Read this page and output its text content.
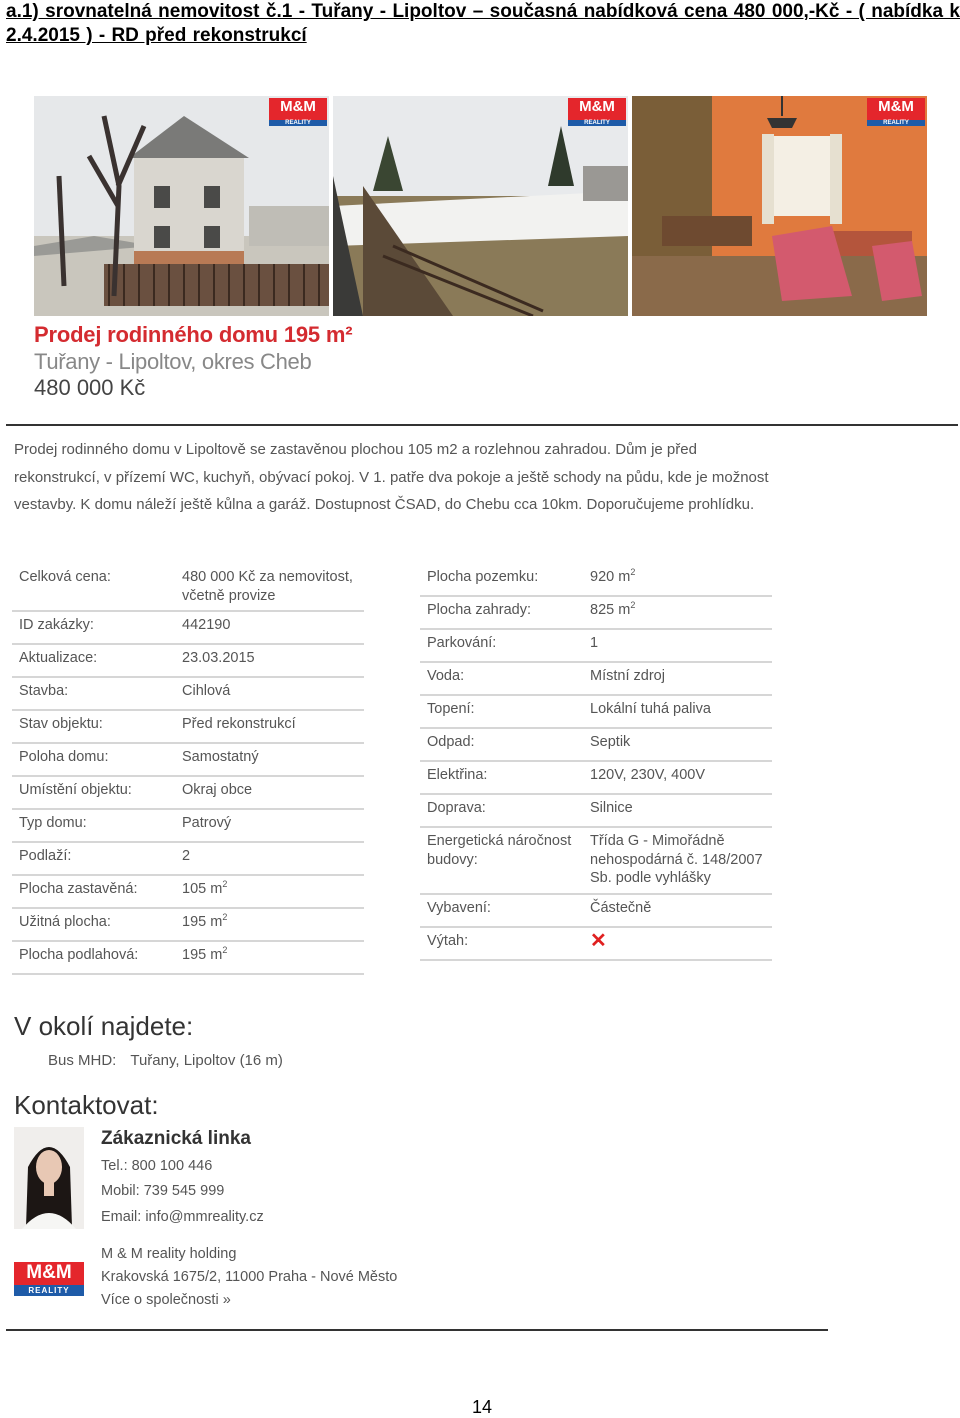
a.1) srovnatelná nemovitost č.1 - Tuřany - Lipoltov – současná nabídková cena 480 000,-Kč - ( nabídka k 2.4.2015 ) - RD před rekonstrukcí
M&M
REALITY
M&M
REALITY
M&M
REALITY
Prodej rodinného domu 195 m²
Tuřany - Lipoltov, okres Cheb
480 000 Kč
Prodej rodinného domu v Lipoltově se zastavěnou plochou 105 m2 a rozlehnou zahradou. Dům je před rekonstrukcí, v přízemí WC, kuchyň, obývací pokoj. V 1. patře dva pokoje a ještě schody na půdu, kde je možnost vestavby. K domu náleží ještě kůlna a garáž. Dostupnost ČSAD, do Chebu cca 10km. Doporučujeme prohlídku.
Celková cena:	480 000 Kč za nemovitost, včetně provize
ID zakázky:	442190
Aktualizace:	23.03.2015
Stavba:	Cihlová
Stav objektu:	Před rekonstrukcí
Poloha domu:	Samostatný
Umístění objektu:	Okraj obce
Typ domu:	Patrový
Podlaží:	2
Plocha zastavěná:	105 $m^2$
Užitná plocha:	195 $m^2$
Plocha podlahová:	195 $m^2$
Plocha pozemku:	920 $m^2$
Plocha zahrady:	825 $m^2$
Parkování:	1
Voda:	Místní zdroj
Topení:	Lokální tuhá paliva
Odpad:	Septik
Elektřina:	120V, 230V, 400V
Doprava:	Silnice
Energetická náročnost budovy:
Třída G - Mimořádně nehospodárná č. 148/2007 Sb. podle vyhlášky
Vybavení:	Částečně
Výtah:	✕
V okolí najdete:
Bus MHD: Tuřany, Lipoltov (16 m)
Kontaktovat:
Zákaznická linka
Tel.: 800 100 446
Mobil: 739 545 999
Email: info@mmreality.cz
M&M
REALITY
M & M reality holding
Krakovská 1675/2, 11000 Praha - Nové Město
Více o společnosti »
14
